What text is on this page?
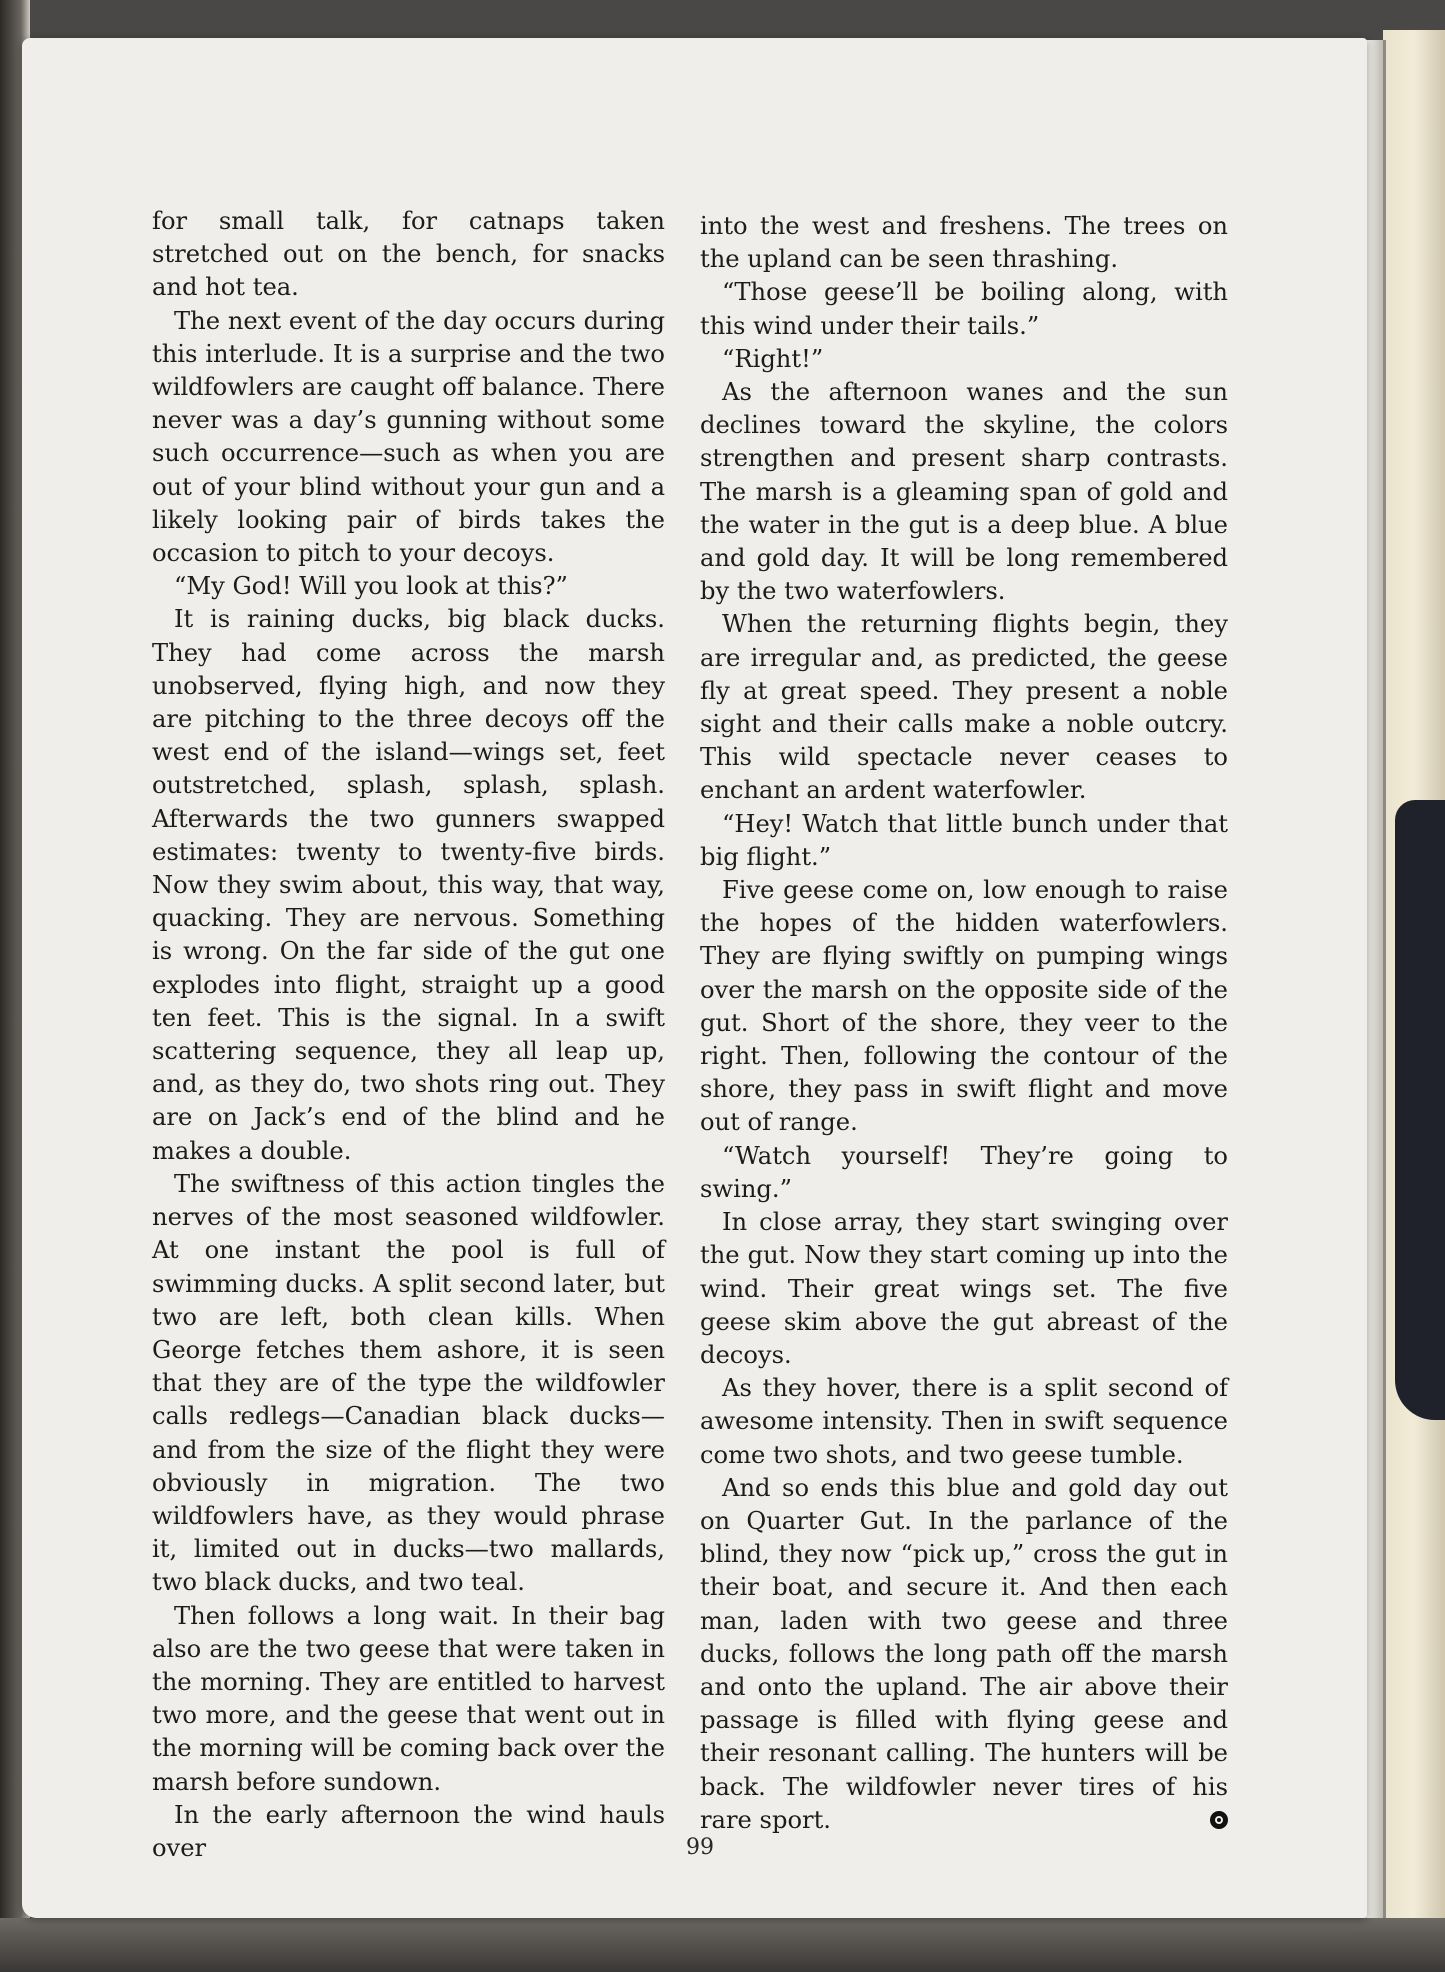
for small talk, for catnaps taken stretched out on the bench, for snacks and hot tea.

The next event of the day occurs during this interlude. It is a surprise and the two wildfowlers are caught off balance. There never was a day’s gunning without some such occurrence—such as when you are out of your blind without your gun and a likely looking pair of birds takes the occasion to pitch to your decoys.

“My God! Will you look at this?”

It is raining ducks, big black ducks. They had come across the marsh unobserved, flying high, and now they are pitching to the three decoys off the west end of the island—wings set, feet outstretched, splash, splash, splash. Afterwards the two gunners swapped estimates: twenty to twenty-five birds. Now they swim about, this way, that way, quacking. They are nervous. Something is wrong. On the far side of the gut one explodes into flight, straight up a good ten feet. This is the signal. In a swift scattering sequence, they all leap up, and, as they do, two shots ring out. They are on Jack’s end of the blind and he makes a double.

The swiftness of this action tingles the nerves of the most seasoned wildfowler. At one instant the pool is full of swimming ducks. A split second later, but two are left, both clean kills. When George fetches them ashore, it is seen that they are of the type the wildfowler calls redlegs—Canadian black ducks—and from the size of the flight they were obviously in migration. The two wildfowlers have, as they would phrase it, limited out in ducks—two mallards, two black ducks, and two teal.

Then follows a long wait. In their bag also are the two geese that were taken in the morning. They are entitled to harvest two more, and the geese that went out in the morning will be coming back over the marsh before sundown.

In the early afternoon the wind hauls over

into the west and freshens. The trees on the upland can be seen thrashing.

“Those geese’ll be boiling along, with this wind under their tails.”

“Right!”

As the afternoon wanes and the sun declines toward the skyline, the colors strengthen and present sharp contrasts. The marsh is a gleaming span of gold and the water in the gut is a deep blue. A blue and gold day. It will be long remembered by the two waterfowlers.

When the returning flights begin, they are irregular and, as predicted, the geese fly at great speed. They present a noble sight and their calls make a noble outcry. This wild spectacle never ceases to enchant an ardent waterfowler.

“Hey! Watch that little bunch under that big flight.”

Five geese come on, low enough to raise the hopes of the hidden waterfowlers. They are flying swiftly on pumping wings over the marsh on the opposite side of the gut. Short of the shore, they veer to the right. Then, following the contour of the shore, they pass in swift flight and move out of range.

“Watch yourself! They’re going to swing.”

In close array, they start swinging over the gut. Now they start coming up into the wind. Their great wings set. The five geese skim above the gut abreast of the decoys.

As they hover, there is a split second of awesome intensity. Then in swift sequence come two shots, and two geese tumble.

And so ends this blue and gold day out on Quarter Gut. In the parlance of the blind, they now “pick up,” cross the gut in their boat, and secure it. And then each man, laden with two geese and three ducks, follows the long path off the marsh and onto the upland. The air above their passage is filled with flying geese and their resonant calling. The hunters will be back. The wildfowler never tires of his rare sport.

99
